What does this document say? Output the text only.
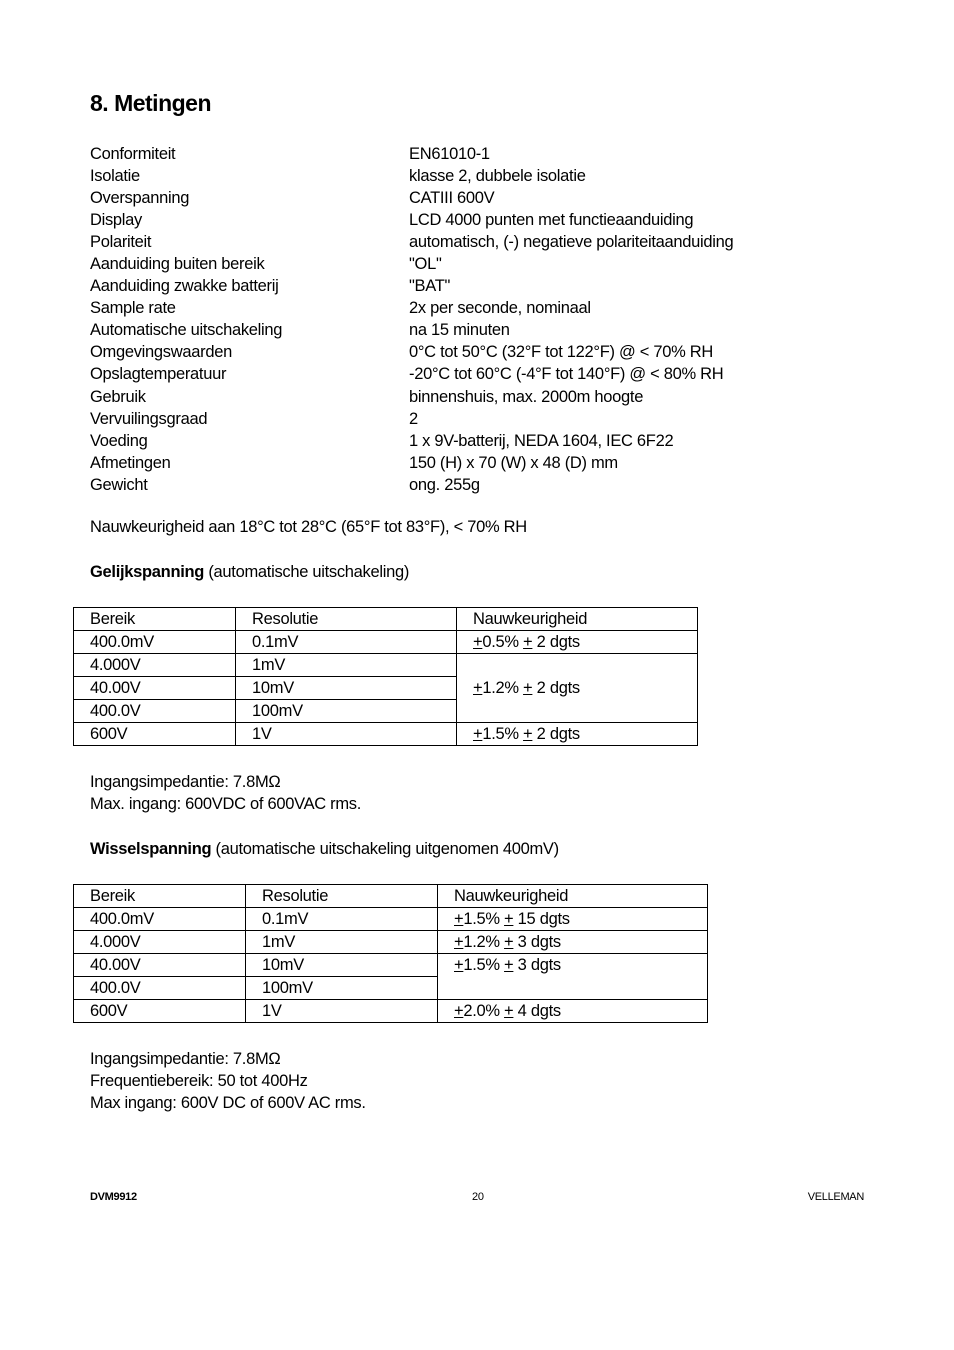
8. Metingen
Conformiteit	EN61010-1
Isolatie	klasse 2, dubbele isolatie
Overspanning	CATIII 600V
Display	LCD 4000 punten met functieaanduiding
Polariteit	automatisch, (-) negatieve polariteitaanduiding
Aanduiding buiten bereik	"OL"
Aanduiding zwakke batterij	"BAT"
Sample rate	2x per seconde, nominaal
Automatische uitschakeling	na 15 minuten
Omgevingswaarden	0°C tot 50°C (32°F tot 122°F) @ < 70% RH
Opslagtemperatuur	-20°C tot 60°C (-4°F tot 140°F) @ < 80% RH
Gebruik	binnenshuis, max. 2000m hoogte
Vervuilingsgraad	2
Voeding	1 x 9V-batterij, NEDA 1604, IEC 6F22
Afmetingen	150 (H) x 70 (W) x 48 (D) mm
Gewicht	ong. 255g
Nauwkeurigheid aan 18°C tot 28°C (65°F tot 83°F), < 70% RH
Gelijkspanning (automatische uitschakeling)
Bereik	Resolutie	Nauwkeurigheid
400.0mV	0.1mV	+0.5% + 2 dgts
4.000V	1mV	+1.2% + 2 dgts
40.00V	10mV	
400.0V	100mV	
600V	1V	+1.5% + 2 dgts
Ingangsimpedantie: 7.8MΩ
Max. ingang: 600VDC of 600VAC rms.
Wisselspanning (automatische uitschakeling uitgenomen 400mV)
Bereik	Resolutie	Nauwkeurigheid
400.0mV	0.1mV	+1.5% + 15 dgts
4.000V	1mV	+1.2% + 3 dgts
40.00V	10mV	+1.5% + 3 dgts
400.0V	100mV	
600V	1V	+2.0% + 4 dgts
Ingangsimpedantie: 7.8MΩ
Frequentiebereik: 50 tot 400Hz
Max ingang: 600V DC of 600V AC rms.
DVM9912	20	VELLEMAN
